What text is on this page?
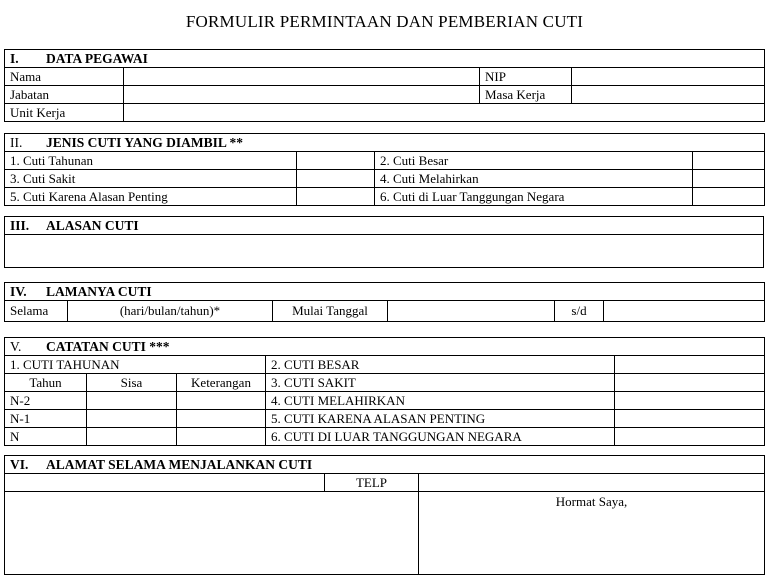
FORMULIR PERMINTAAN DAN PEMBERIAN CUTI
I. DATA PEGAWAI			
Nama		NIP	
Jabatan		Masa Kerja	
Unit Kerja			
II. JENIS CUTI YANG DIAMBIL **			
1. Cuti Tahunan		2. Cuti Besar	
3. Cuti Sakit		4. Cuti Melahirkan	
5. Cuti Karena Alasan Penting		6. Cuti di Luar Tanggungan Negara	
III. ALASAN CUTI

IV. LAMANYA CUTI
Selama	(hari/bulan/tahun)*	Mulai Tanggal		s/d	
V. CATATAN CUTI ***				
1. CUTI TAHUNAN			2. CUTI BESAR	
Tahun	Sisa	Keterangan	3. CUTI SAKIT	
N-2			4. CUTI MELAHIRKAN	
N-1			5. CUTI KARENA ALASAN PENTING	
N			6. CUTI DI LUAR TANGGUNGAN NEGARA	
VI. ALAMAT SELAMA MENJALANKAN CUTI		
	TELP	
		Hormat Saya,
